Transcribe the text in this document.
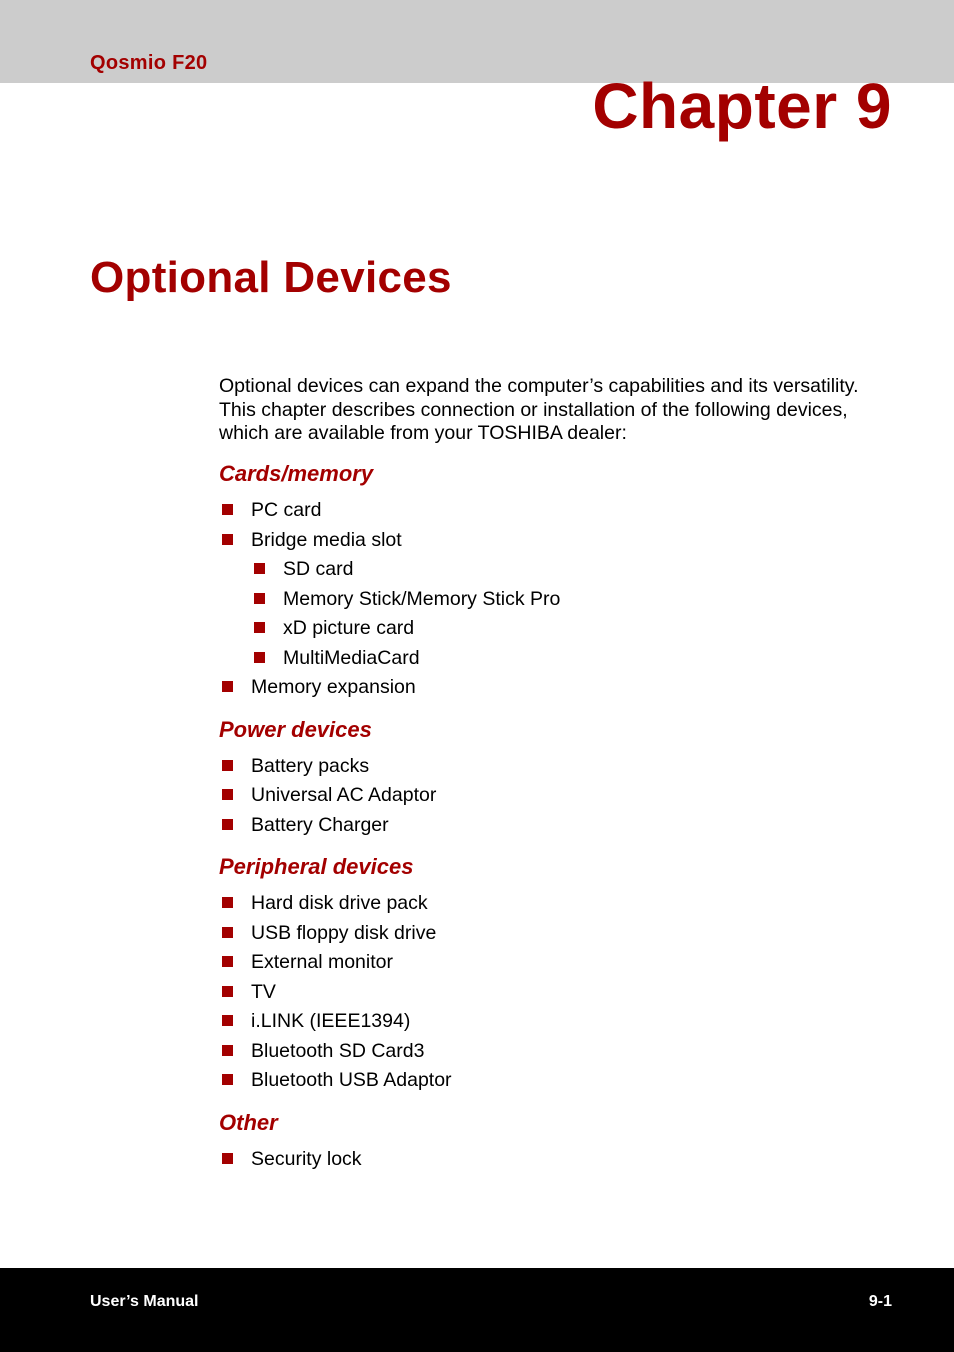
Qosmio F20
Chapter 9
Optional Devices
Optional devices can expand the computer’s capabilities and its versatility.
This chapter describes connection or installation of the following devices,
which are available from your TOSHIBA dealer:
Cards/memory
PC card
Bridge media slot
SD card
Memory Stick/Memory Stick Pro
xD picture card
MultiMediaCard
Memory expansion
Power devices
Battery packs
Universal AC Adaptor
Battery Charger
Peripheral devices
Hard disk drive pack
USB floppy disk drive
External monitor
TV
i.LINK (IEEE1394)
Bluetooth SD Card3
Bluetooth USB Adaptor
Other
Security lock
User’s Manual	9-1
